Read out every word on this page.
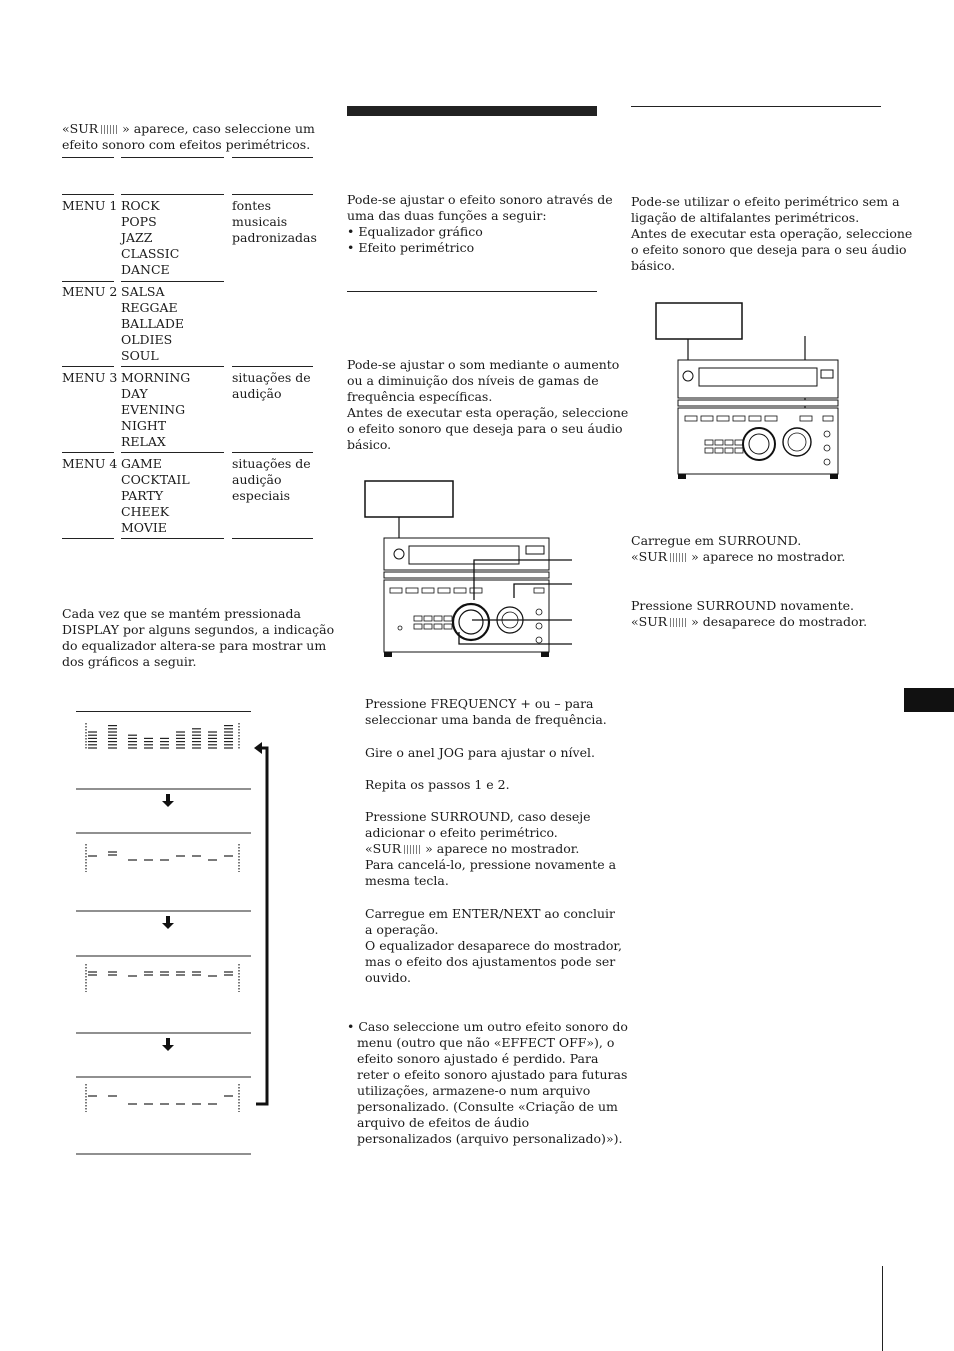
«SUR » aparece, caso seleccione um
efeito sonoro com efeitos perimétricos.
MENU 1 ROCK
POPS
JAZZ
CLASSIC
DANCE
fontes
musicais
padronizadas
MENU 2 SALSA
REGGAE
BALLADE
OLDIES
SOUL
MENU 3 MORNING
DAY
EVENING
NIGHT
RELAX
situações de
audição
MENU 4 GAME
COCKTAIL
PARTY
CHEEK
MOVIE
situações de
audição
especiais
Cada vez que se mantém pressionada
DISPLAY por alguns segundos, a indicação
do equalizador altera-se para mostrar um
dos gráficos a seguir.
Pode-se ajustar o efeito sonoro através de
uma das duas funções a seguir:
• Equalizador gráfico
• Efeito perimétrico
Pode-se ajustar o som mediante o aumento
ou a diminuição dos níveis de gamas de
frequência específicas.
Antes de executar esta operação, seleccione
o efeito sonoro que deseja para o seu áudio
básico.
Pressione FREQUENCY + ou – para
seleccionar uma banda de frequência.
Gire o anel JOG para ajustar o nível.
Repita os passos 1 e 2.
Pressione SURROUND, caso deseje
adicionar o efeito perimétrico.
«SUR » aparece no mostrador.
Para cancelá-lo, pressione novamente a
mesma tecla.
Carregue em ENTER/NEXT ao concluir
a operação.
O equalizador desaparece do mostrador,
mas o efeito dos ajustamentos pode ser
ouvido.
• Caso seleccione um outro efeito sonoro do
menu (outro que não «EFFECT OFF»), o
efeito sonoro ajustado é perdido. Para
reter o efeito sonoro ajustado para futuras
utilizações, armazene-o num arquivo
personalizado. (Consulte «Criação de um
arquivo de efeitos de áudio
personalizados (arquivo personalizado)»).
Pode-se utilizar o efeito perimétrico sem a
ligação de altifalantes perimétricos.
Antes de executar esta operação, seleccione
o efeito sonoro que deseja para o seu áudio
básico.
Carregue em SURROUND.
«SUR » aparece no mostrador.
Pressione SURROUND novamente.
«SUR » desaparece do mostrador.
